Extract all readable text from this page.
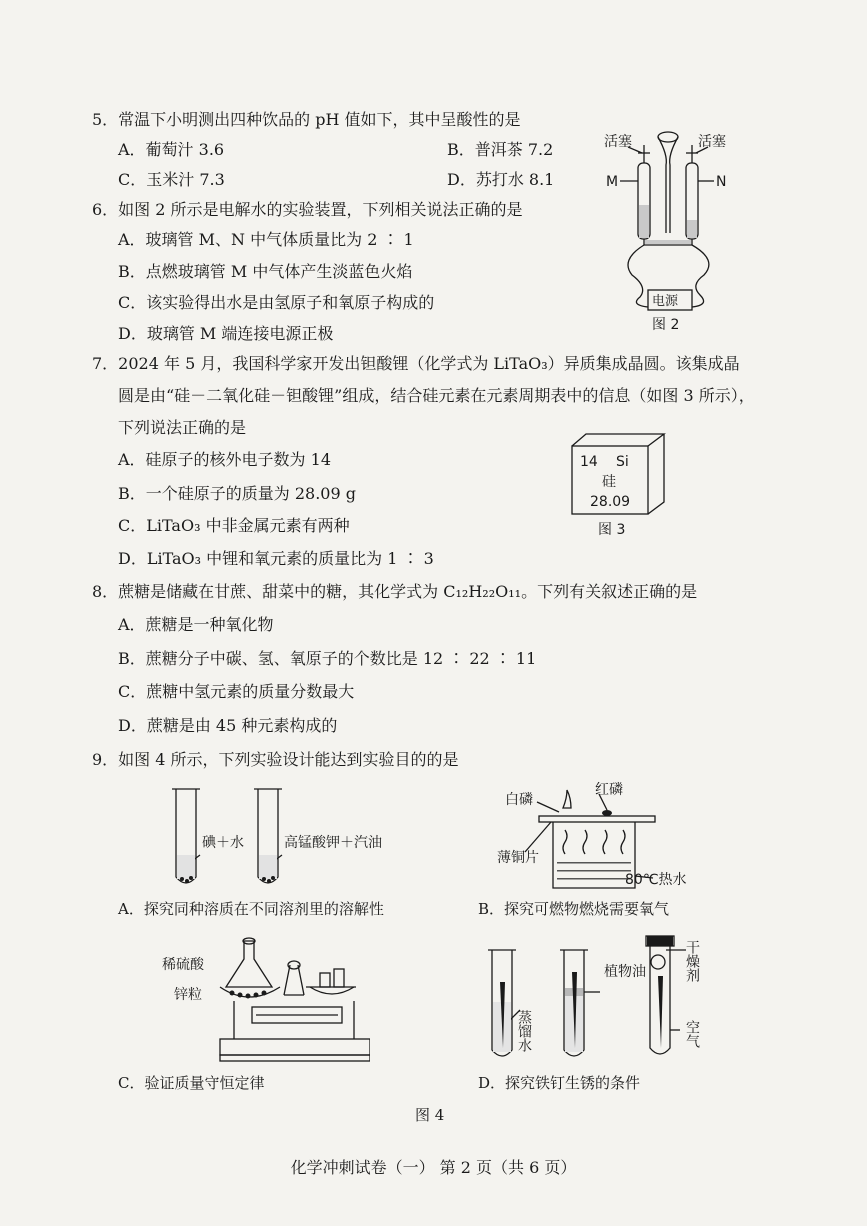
5．常温下小明测出四种饮品的 pH 值如下，其中呈酸性的是
A．葡萄汁 3.6	B．普洱茶 7.2
C．玉米汁 7.3	D．苏打水 8.1
6．如图 2 所示是电解水的实验装置，下列相关说法正确的是
A．玻璃管 M、N 中气体质量比为 2 ∶ 1
B．点燃玻璃管 M 中气体产生淡蓝色火焰
C．该实验得出水是由氢原子和氧原子构成的
D．玻璃管 M 端连接电源正极
活塞	活塞
M	N
电源
图 2
7．2024 年 5 月，我国科学家开发出钽酸锂（化学式为 LiTaO₃）异质集成晶圆。该集成晶
圆是由“硅－二氧化硅－钽酸锂”组成，结合硅元素在元素周期表中的信息（如图 3 所示），
下列说法正确的是
A．硅原子的核外电子数为 14
B．一个硅原子的质量为 28.09 g
C．LiTaO₃ 中非金属元素有两种
D．LiTaO₃ 中锂和氧元素的质量比为 1 ∶ 3
14 Si
硅
28.09
图 3
8．蔗糖是储藏在甘蔗、甜菜中的糖，其化学式为 C₁₂H₂₂O₁₁。下列有关叙述正确的是
A．蔗糖是一种氧化物
B．蔗糖分子中碳、氢、氧原子的个数比是 12 ∶ 22 ∶ 11
C．蔗糖中氢元素的质量分数最大
D．蔗糖是由 45 种元素构成的
9．如图 4 所示，下列实验设计能达到实验目的的是
碘＋水	高锰酸钾＋汽油
A．探究同种溶质在不同溶剂里的溶解性
白磷
红磷
薄铜片
80℃热水
B．探究可燃物燃烧需要氧气
稀硫酸
锌粒
C．验证质量守恒定律
植物油
蒸馏水
干燥剂
空气
D．探究铁钉生锈的条件
图 4
化学冲刺试卷（一） 第 2 页（共 6 页）
